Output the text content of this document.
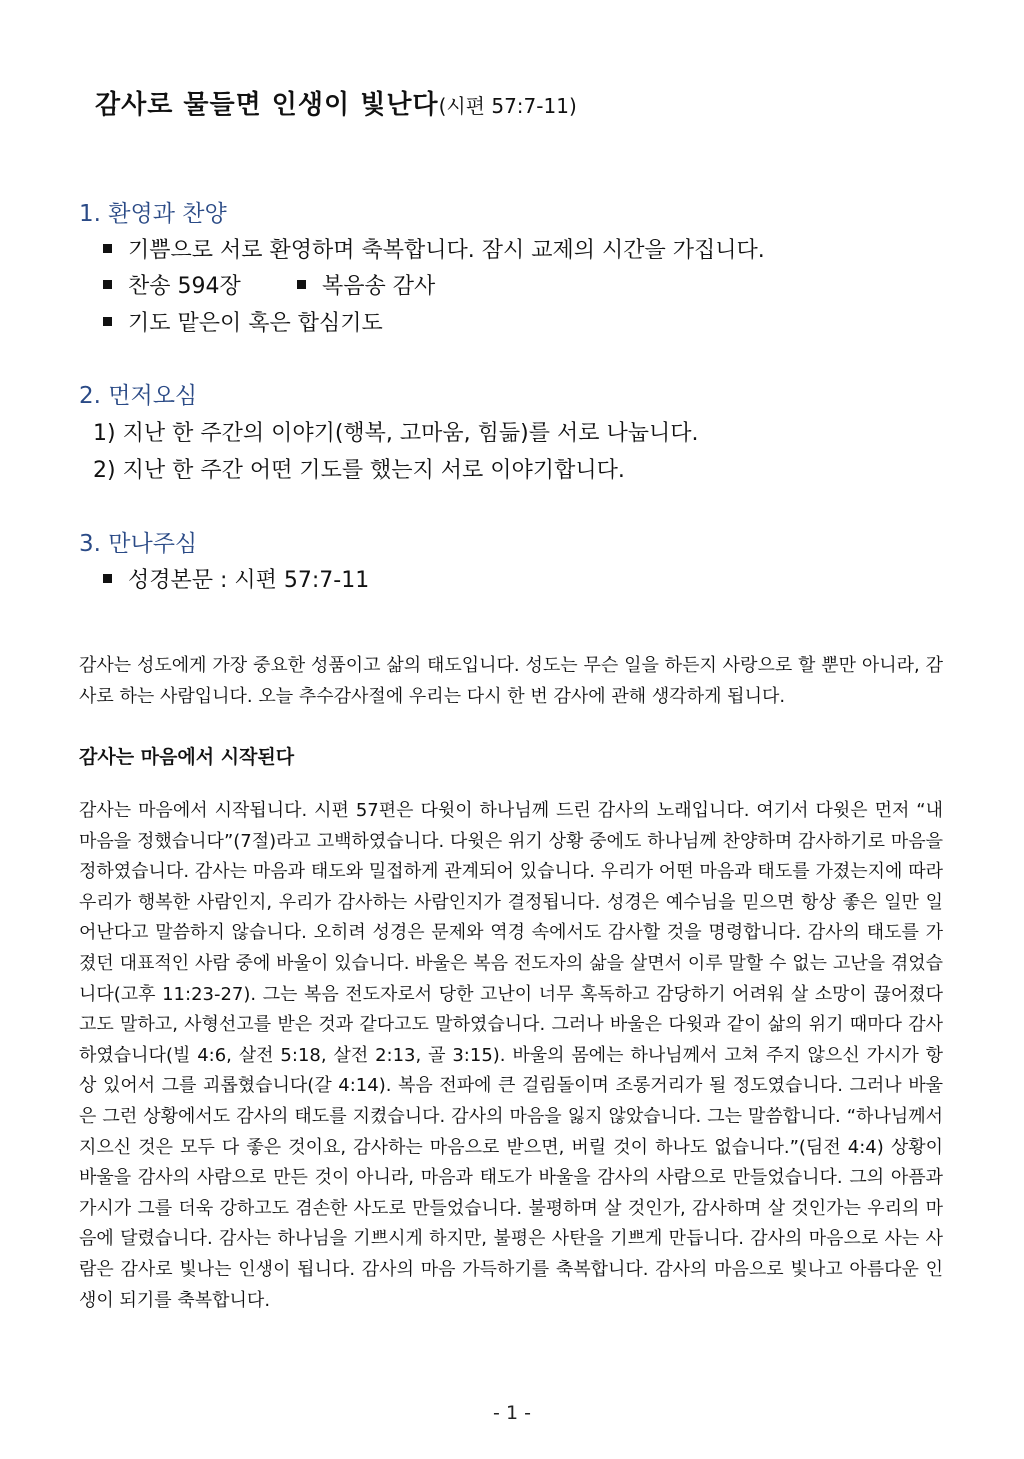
감사로 물들면 인생이 빛난다(시편 57:7-11)
1. 환영과 찬양
기쁨으로 서로 환영하며 축복합니다. 잠시 교제의 시간을 가집니다.
찬송 594장	복음송 감사
기도 맡은이 혹은 합심기도
2. 먼저오심
1) 지난 한 주간의 이야기(행복, 고마움, 힘듦)를 서로 나눕니다.
2) 지난 한 주간 어떤 기도를 했는지 서로 이야기합니다.
3. 만나주심
성경본문 : 시편 57:7-11
감사는 성도에게 가장 중요한 성품이고 삶의 태도입니다. 성도는 무슨 일을 하든지 사랑으로 할 뿐만 아니라, 감사로 하는 사람입니다. 오늘 추수감사절에 우리는 다시 한 번 감사에 관해 생각하게 됩니다.
감사는 마음에서 시작된다
감사는 마음에서 시작됩니다. 시편 57편은 다윗이 하나님께 드린 감사의 노래입니다. 여기서 다윗은 먼저 “내 마음을 정했습니다”(7절)라고 고백하였습니다. 다윗은 위기 상황 중에도 하나님께 찬양하며 감사하기로 마음을 정하였습니다. 감사는 마음과 태도와 밀접하게 관계되어 있습니다. 우리가 어떤 마음과 태도를 가졌는지에 따라 우리가 행복한 사람인지, 우리가 감사하는 사람인지가 결정됩니다. 성경은 예수님을 믿으면 항상 좋은 일만 일어난다고 말씀하지 않습니다. 오히려 성경은 문제와 역경 속에서도 감사할 것을 명령합니다. 감사의 태도를 가졌던 대표적인 사람 중에 바울이 있습니다. 바울은 복음 전도자의 삶을 살면서 이루 말할 수 없는 고난을 겪었습니다(고후 11:23-27). 그는 복음 전도자로서 당한 고난이 너무 혹독하고 감당하기 어려워 살 소망이 끊어졌다고도 말하고, 사형선고를 받은 것과 같다고도 말하였습니다. 그러나 바울은 다윗과 같이 삶의 위기 때마다 감사하였습니다(빌 4:6, 살전 5:18, 살전 2:13, 골 3:15). 바울의 몸에는 하나님께서 고쳐 주지 않으신 가시가 항상 있어서 그를 괴롭혔습니다(갈 4:14). 복음 전파에 큰 걸림돌이며 조롱거리가 될 정도였습니다. 그러나 바울은 그런 상황에서도 감사의 태도를 지켰습니다. 감사의 마음을 잃지 않았습니다. 그는 말씀합니다. “하나님께서 지으신 것은 모두 다 좋은 것이요, 감사하는 마음으로 받으면, 버릴 것이 하나도 없습니다.”(딤전 4:4) 상황이 바울을 감사의 사람으로 만든 것이 아니라, 마음과 태도가 바울을 감사의 사람으로 만들었습니다. 그의 아픔과 가시가 그를 더욱 강하고도 겸손한 사도로 만들었습니다. 불평하며 살 것인가, 감사하며 살 것인가는 우리의 마음에 달렸습니다. 감사는 하나님을 기쁘시게 하지만, 불평은 사탄을 기쁘게 만듭니다. 감사의 마음으로 사는 사람은 감사로 빛나는 인생이 됩니다. 감사의 마음 가득하기를 축복합니다. 감사의 마음으로 빛나고 아름다운 인생이 되기를 축복합니다.
- 1 -
